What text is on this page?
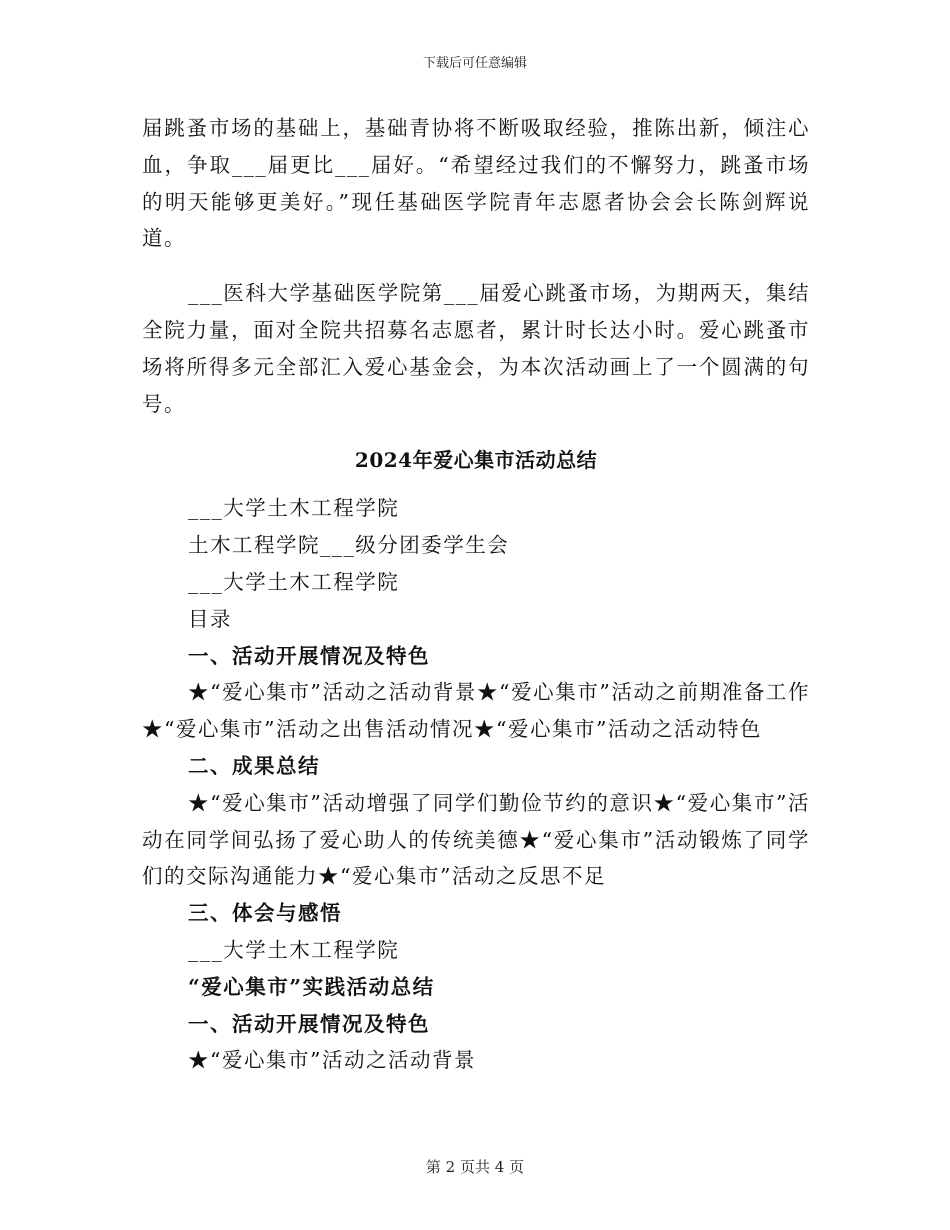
下载后可任意编辑

届跳蚤市场的基础上，基础青协将不断吸取经验，推陈出新，倾注心血，争取___届更比___届好。“希望经过我们的不懈努力，跳蚤市场的明天能够更美好。”现任基础医学院青年志愿者协会会长陈剑辉说道。

___医科大学基础医学院第___届爱心跳蚤市场，为期两天，集结全院力量，面对全院共招募名志愿者，累计时长达小时。爱心跳蚤市场将所得多元全部汇入爱心基金会，为本次活动画上了一个圆满的句号。

2024年爱心集市活动总结

___大学土木工程学院

土木工程学院___级分团委学生会

___大学土木工程学院

目录

一、活动开展情况及特色

★“爱心集市”活动之活动背景★“爱心集市”活动之前期准备工作★“爱心集市”活动之出售活动情况★“爱心集市”活动之活动特色

二、成果总结

★“爱心集市”活动增强了同学们勤俭节约的意识★“爱心集市”活动在同学间弘扬了爱心助人的传统美德★“爱心集市”活动锻炼了同学们的交际沟通能力★“爱心集市”活动之反思不足

三、体会与感悟

___大学土木工程学院

“爱心集市”实践活动总结

一、活动开展情况及特色

★“爱心集市”活动之活动背景

第 2 页共 4 页
